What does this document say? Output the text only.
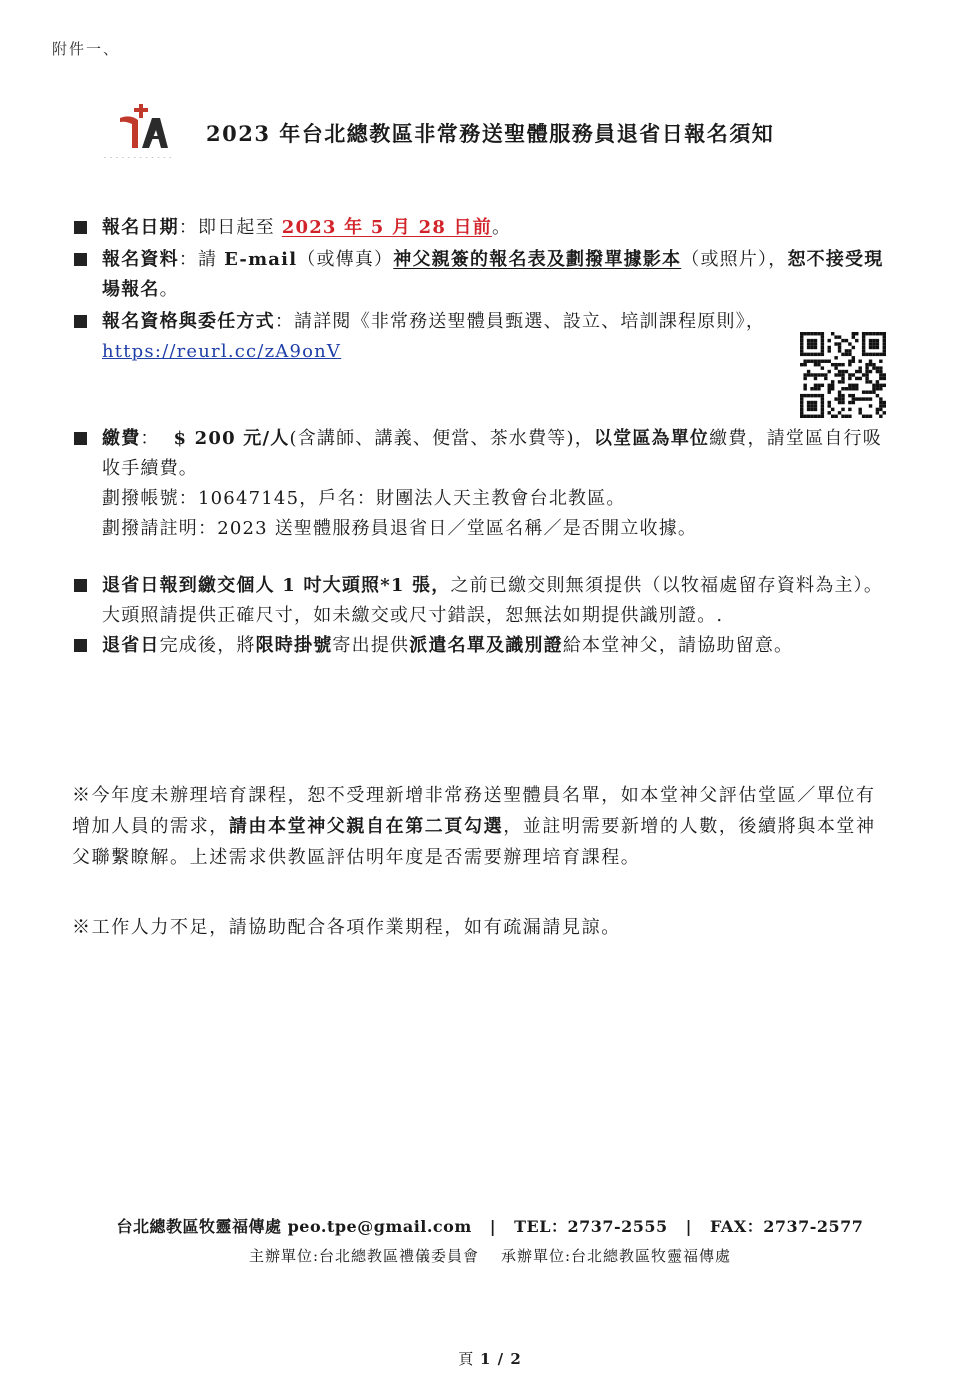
附件一、
- - - - - - - - - - - -
2023 年台北總教區非常務送聖體服務員退省日報名須知
報名日期：即日起至 2023 年 5 月 28 日前。
報名資料：請 E-mail（或傳真）神父親簽的報名表及劃撥單據影本（或照片），恕不接受現場報名。
報名資格與委任方式：請詳閱《非常務送聖體員甄選、設立、培訓課程原則》，
https://reurl.cc/zA9onV
繳費： $ 200 元/人(含講師、講義、便當、茶水費等)，以堂區為單位繳費，請堂區自行吸收手續費。
劃撥帳號：10647145，戶名：財團法人天主教會台北教區。
劃撥請註明：2023 送聖體服務員退省日／堂區名稱／是否開立收據。
退省日報到繳交個人 1 吋大頭照*1 張，之前已繳交則無須提供（以牧福處留存資料為主）。大頭照請提供正確尺寸，如未繳交或尺寸錯誤，恕無法如期提供識別證。.
退省日完成後，將限時掛號寄出提供派遣名單及識別證給本堂神父，請協助留意。
※今年度未辦理培育課程，恕不受理新增非常務送聖體員名單，如本堂神父評估堂區／單位有增加人員的需求，請由本堂神父親自在第二頁勾選，並註明需要新增的人數，後續將與本堂神父聯繫瞭解。上述需求供教區評估明年度是否需要辦理培育課程。
※工作人力不足，請協助配合各項作業期程，如有疏漏請見諒。
台北總教區牧靈福傳處 peo.tpe@gmail.com | TEL：2737-2555 | FAX：2737-2577
主辦單位:台北總教區禮儀委員會 承辦單位:台北總教區牧靈福傳處
頁 1 / 2
